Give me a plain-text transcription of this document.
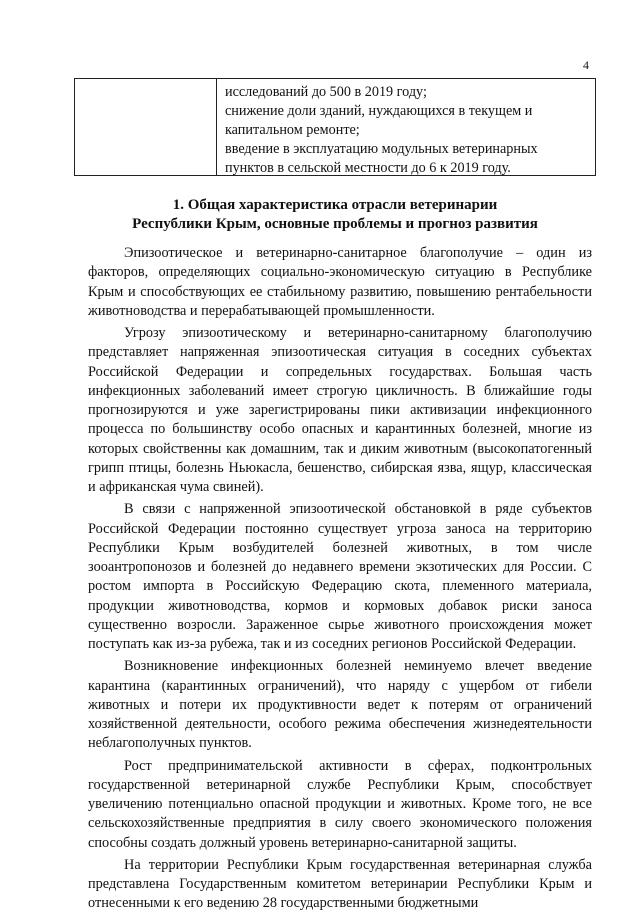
4
исследований до 500 в 2019 году;
снижение доли зданий, нуждающихся в текущем и
капитальном ремонте;
введение в эксплуатацию модульных ветеринарных
пунктов в сельской местности до 6 к 2019 году.
1. Общая характеристика отрасли ветеринарии
Республики Крым, основные проблемы и прогноз развития

Эпизоотическое и ветеринарно-санитарное благополучие – один из факторов, определяющих социально-экономическую ситуацию в Республике Крым и способствующих ее стабильному развитию, повышению рентабельности животноводства и перерабатывающей промышленности.

Угрозу эпизоотическому и ветеринарно-санитарному благополучию представляет напряженная эпизоотическая ситуация в соседних субъектах Российской Федерации и сопредельных государствах. Большая часть инфекционных заболеваний имеет строгую цикличность. В ближайшие годы прогнозируются и уже зарегистрированы пики активизации инфекционного процесса по большинству особо опасных и карантинных болезней, многие из которых свойственны как домашним, так и диким животным (высокопатогенный грипп птицы, болезнь Ньюкасла, бешенство, сибирская язва, ящур, классическая и африканская чума свиней).

В связи с напряженной эпизоотической обстановкой в ряде субъектов Российской Федерации постоянно существует угроза заноса на территорию Республики Крым возбудителей болезней животных, в том числе зооантропонозов и болезней до недавнего времени экзотических для России. С ростом импорта в Российскую Федерацию скота, племенного материала, продукции животноводства, кормов и кормовых добавок риски заноса существенно возросли. Зараженное сырье животного происхождения может поступать как из-за рубежа, так и из соседних регионов Российской Федерации.

Возникновение инфекционных болезней неминуемо влечет введение карантина (карантинных ограничений), что наряду с ущербом от гибели животных и потери их продуктивности ведет к потерям от ограничений хозяйственной деятельности, особого режима обеспечения жизнедеятельности неблагополучных пунктов.

Рост предпринимательской активности в сферах, подконтрольных государственной ветеринарной службе Республики Крым, способствует увеличению потенциально опасной продукции и животных. Кроме того, не все сельскохозяйственные предприятия в силу своего экономического положения способны создать должный уровень ветеринарно-санитарной защиты.

На территории Республики Крым государственная ветеринарная служба представлена Государственным комитетом ветеринарии Республики Крым и отнесенными к его ведению 28 государственными бюджетными
